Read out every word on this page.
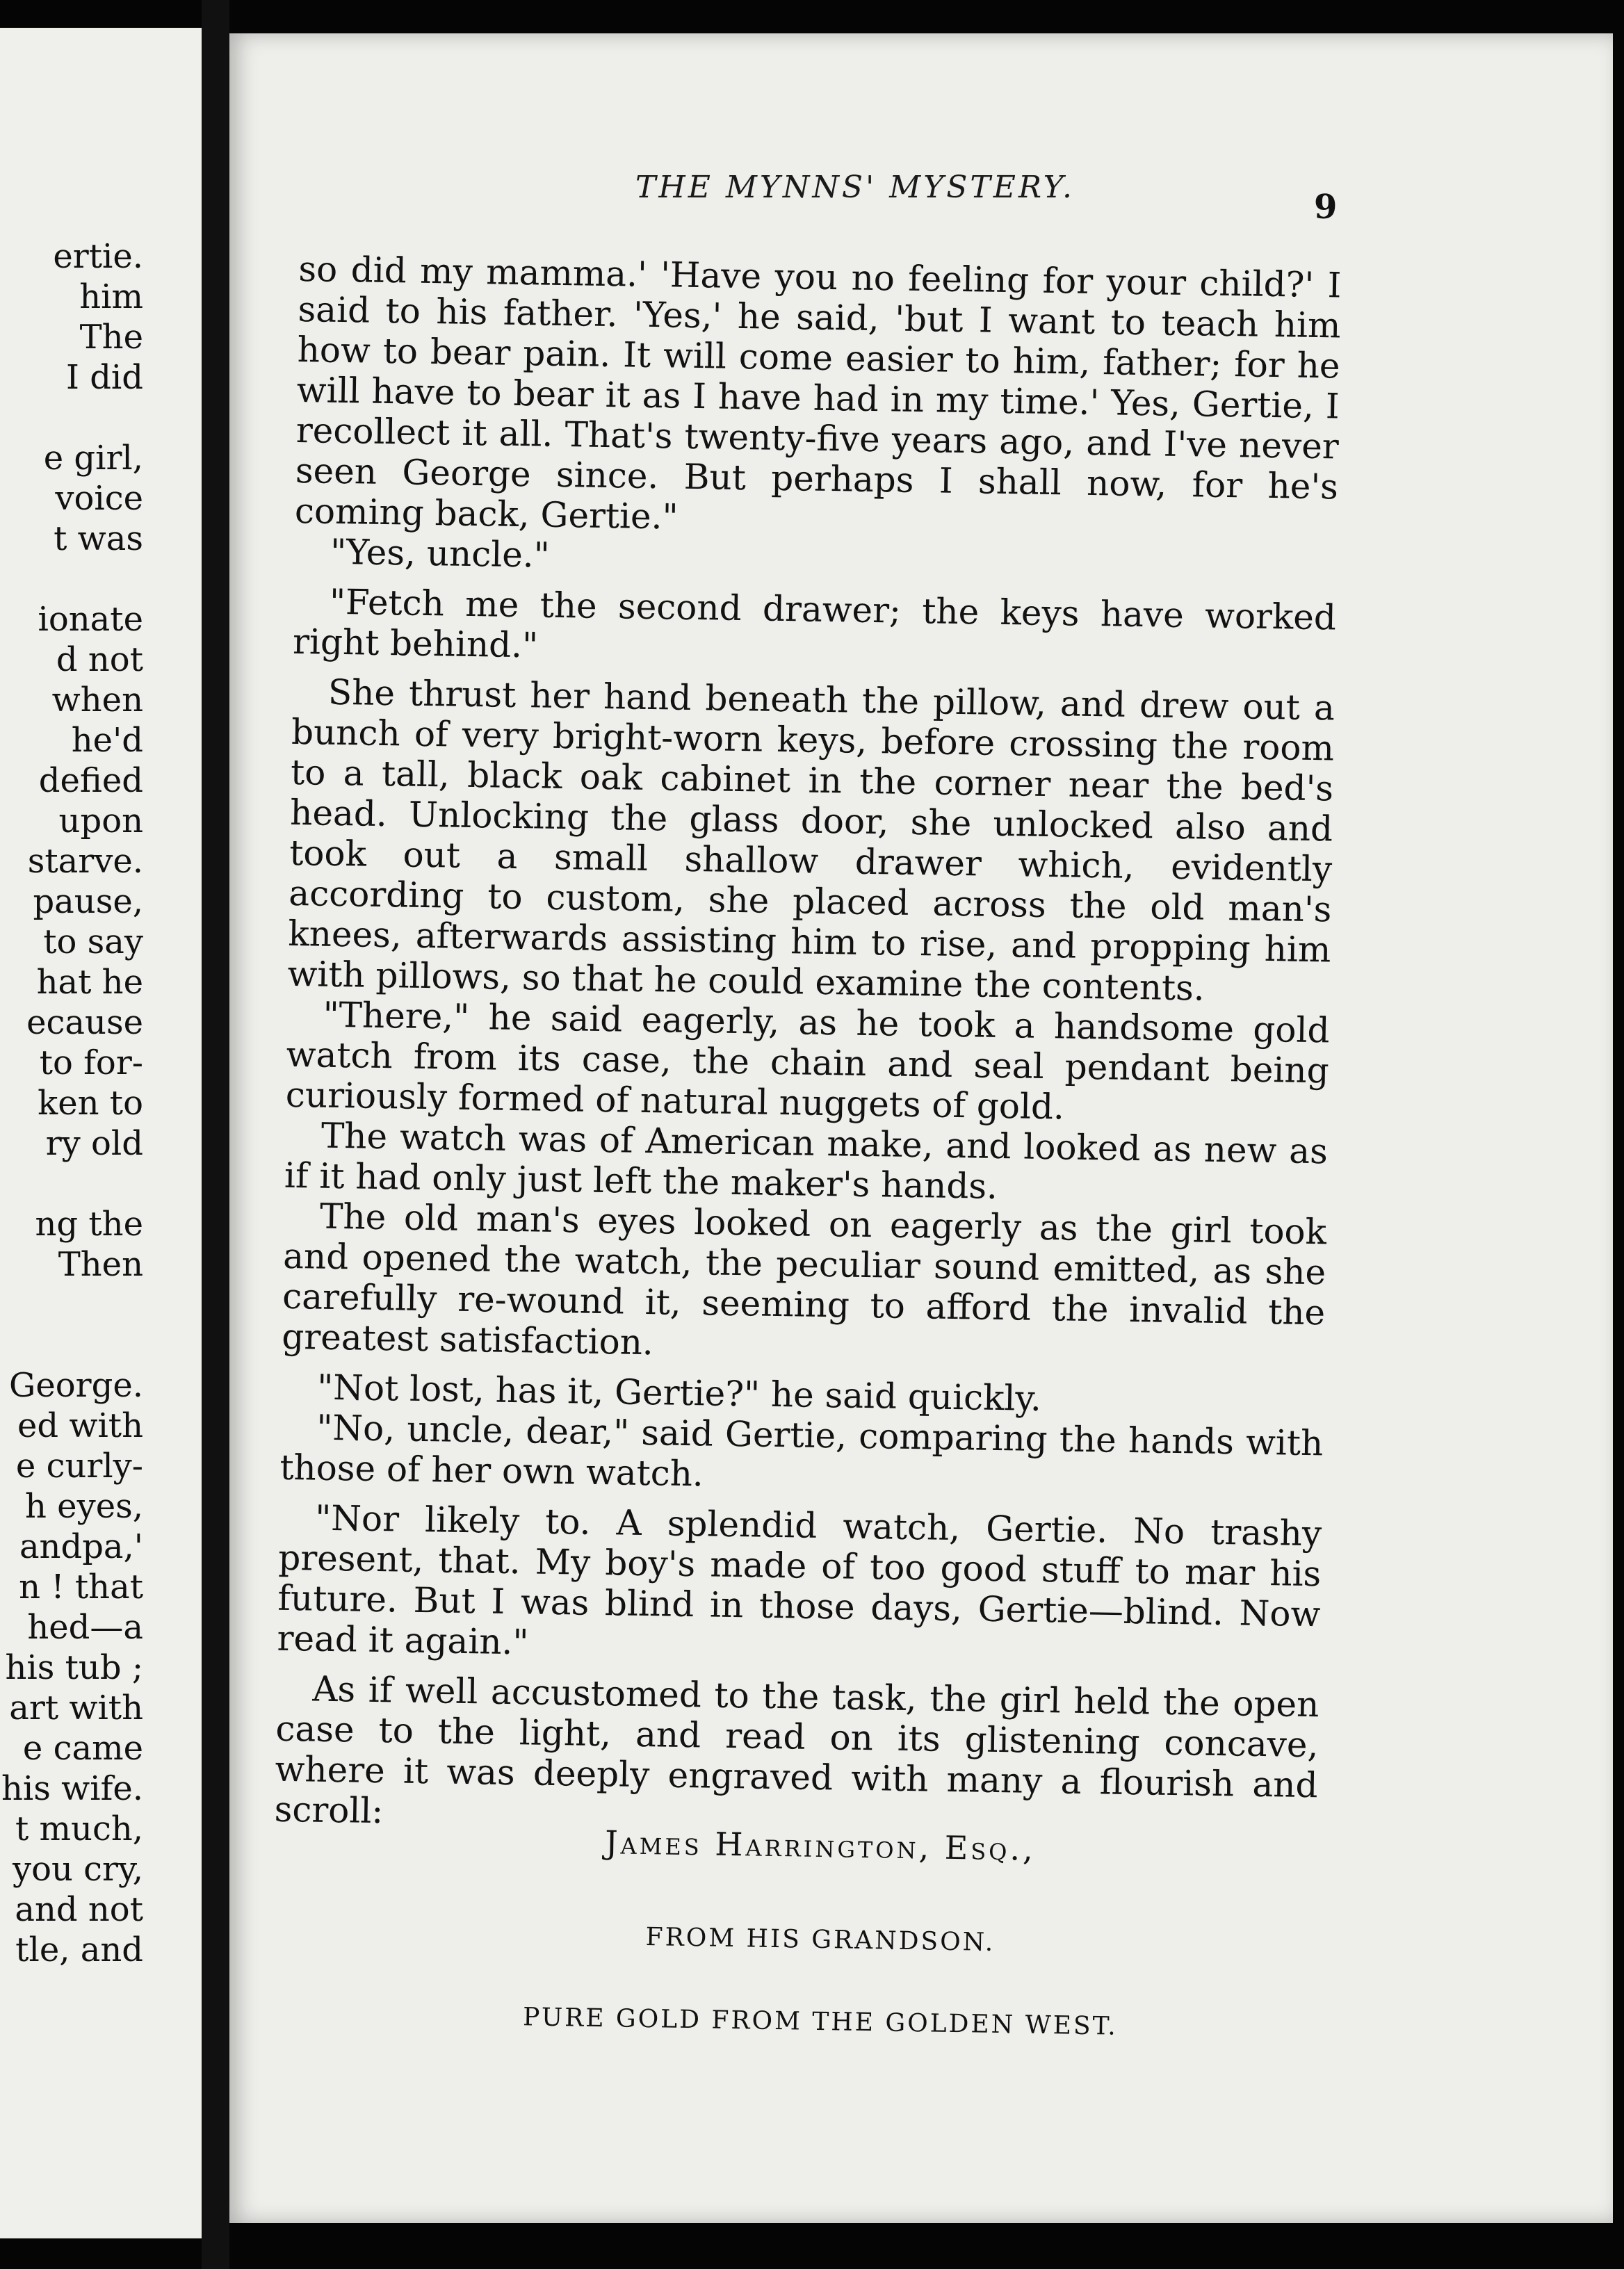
ertie.

him

The

I did

e girl,

voice

t was

ionate

d not

when

he'd

defied

upon

starve.

pause,

to say

hat he

ecause

to for-

ken to

ry old

ng the

Then

George.

ed with

e curly-

h eyes,

andpa,'

n ! that

hed—a

his tub ;

art with

e came

his wife.

t much,

you cry,

and not

tle, and

THE MYNNS' MYSTERY.

9

so did my mamma.' 'Have you no feeling for your child?' I said to his father. 'Yes,' he said, 'but I want to teach him how to bear pain. It will come easier to him, father; for he will have to bear it as I have had in my time.' Yes, Gertie, I recollect it all. That's twenty-five years ago, and I've never seen George since. But perhaps I shall now, for he's coming back, Gertie."

"Yes, uncle."

"Fetch me the second drawer; the keys have worked right behind."

She thrust her hand beneath the pillow, and drew out a bunch of very bright-worn keys, before crossing the room to a tall, black oak cabinet in the corner near the bed's head. Unlocking the glass door, she unlocked also and took out a small shallow drawer which, evidently according to custom, she placed across the old man's knees, afterwards assisting him to rise, and propping him with pillows, so that he could examine the contents.

"There," he said eagerly, as he took a handsome gold watch from its case, the chain and seal pendant being curiously formed of natural nuggets of gold.

The watch was of American make, and looked as new as if it had only just left the maker's hands.

The old man's eyes looked on eagerly as the girl took and opened the watch, the peculiar sound emitted, as she carefully re-wound it, seeming to afford the invalid the greatest satisfaction.

"Not lost, has it, Gertie?" he said quickly.

"No, uncle, dear," said Gertie, comparing the hands with those of her own watch.

"Nor likely to. A splendid watch, Gertie. No trashy present, that. My boy's made of too good stuff to mar his future. But I was blind in those days, Gertie—blind. Now read it again."

As if well accustomed to the task, the girl held the open case to the light, and read on its glistening concave, where it was deeply engraved with many a flourish and scroll:

James Harrington, Esq.,

FROM HIS GRANDSON.

PURE GOLD FROM THE GOLDEN WEST.
